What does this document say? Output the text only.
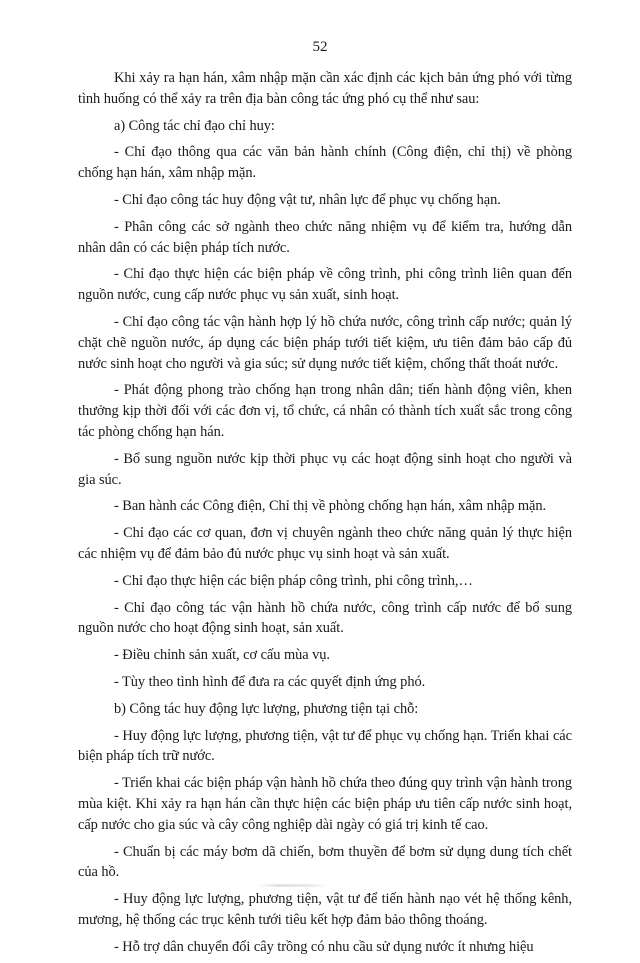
52

Khi xảy ra hạn hán, xâm nhập mặn cần xác định các kịch bản ứng phó với từng tình huống có thể xảy ra trên địa bàn công tác ứng phó cụ thể như sau:

a) Công tác chỉ đạo chỉ huy:

- Chỉ đạo thông qua các văn bản hành chính (Công điện, chỉ thị) về phòng chống hạn hán, xâm nhập mặn.

- Chỉ đạo công tác huy động vật tư, nhân lực để phục vụ chống hạn.

- Phân công các sở ngành theo chức năng nhiệm vụ để kiểm tra, hướng dẫn nhân dân có các biện pháp tích nước.

- Chỉ đạo thực hiện các biện pháp về công trình, phi công trình liên quan đến nguồn nước, cung cấp nước phục vụ sản xuất, sinh hoạt.

- Chỉ đạo công tác vận hành hợp lý hồ chứa nước, công trình cấp nước; quản lý chặt chẽ nguồn nước, áp dụng các biện pháp tưới tiết kiệm, ưu tiên đảm bảo cấp đủ nước sinh hoạt cho người và gia súc; sử dụng nước tiết kiệm, chống thất thoát nước.

- Phát động phong trào chống hạn trong nhân dân; tiến hành động viên, khen thưởng kịp thời đối với các đơn vị, tổ chức, cá nhân có thành tích xuất sắc trong công tác phòng chống hạn hán.

- Bổ sung nguồn nước kịp thời phục vụ các hoạt động sinh hoạt cho người và gia súc.

- Ban hành các Công điện, Chỉ thị về phòng chống hạn hán, xâm nhập mặn.

- Chỉ đạo các cơ quan, đơn vị chuyên ngành theo chức năng quản lý thực hiện các nhiệm vụ để đảm bảo đủ nước phục vụ sinh hoạt và sản xuất.

- Chỉ đạo thực hiện các biện pháp công trình, phi công trình,…

- Chỉ đạo công tác vận hành hồ chứa nước, công trình cấp nước để bổ sung nguồn nước cho hoạt động sinh hoạt, sản xuất.

- Điều chỉnh sản xuất, cơ cấu mùa vụ.

- Tùy theo tình hình để đưa ra các quyết định ứng phó.

b) Công tác huy động lực lượng, phương tiện tại chỗ:

- Huy động lực lượng, phương tiện, vật tư để phục vụ chống hạn. Triển khai các biện pháp tích trữ nước.

- Triển khai các biện pháp vận hành hồ chứa theo đúng quy trình vận hành trong mùa kiệt. Khi xảy ra hạn hán cần thực hiện các biện pháp ưu tiên cấp nước sinh hoạt, cấp nước cho gia súc và cây công nghiệp dài ngày có giá trị kinh tế cao.

- Chuẩn bị các máy bơm dã chiến, bơm thuyền để bơm sử dụng dung tích chết của hồ.

- Huy động lực lượng, phương tiện, vật tư để tiến hành nạo vét hệ thống kênh, mương, hệ thống các trục kênh tưới tiêu kết hợp đảm bảo thông thoáng.

- Hỗ trợ dân chuyển đổi cây trồng có nhu cầu sử dụng nước ít nhưng hiệu
